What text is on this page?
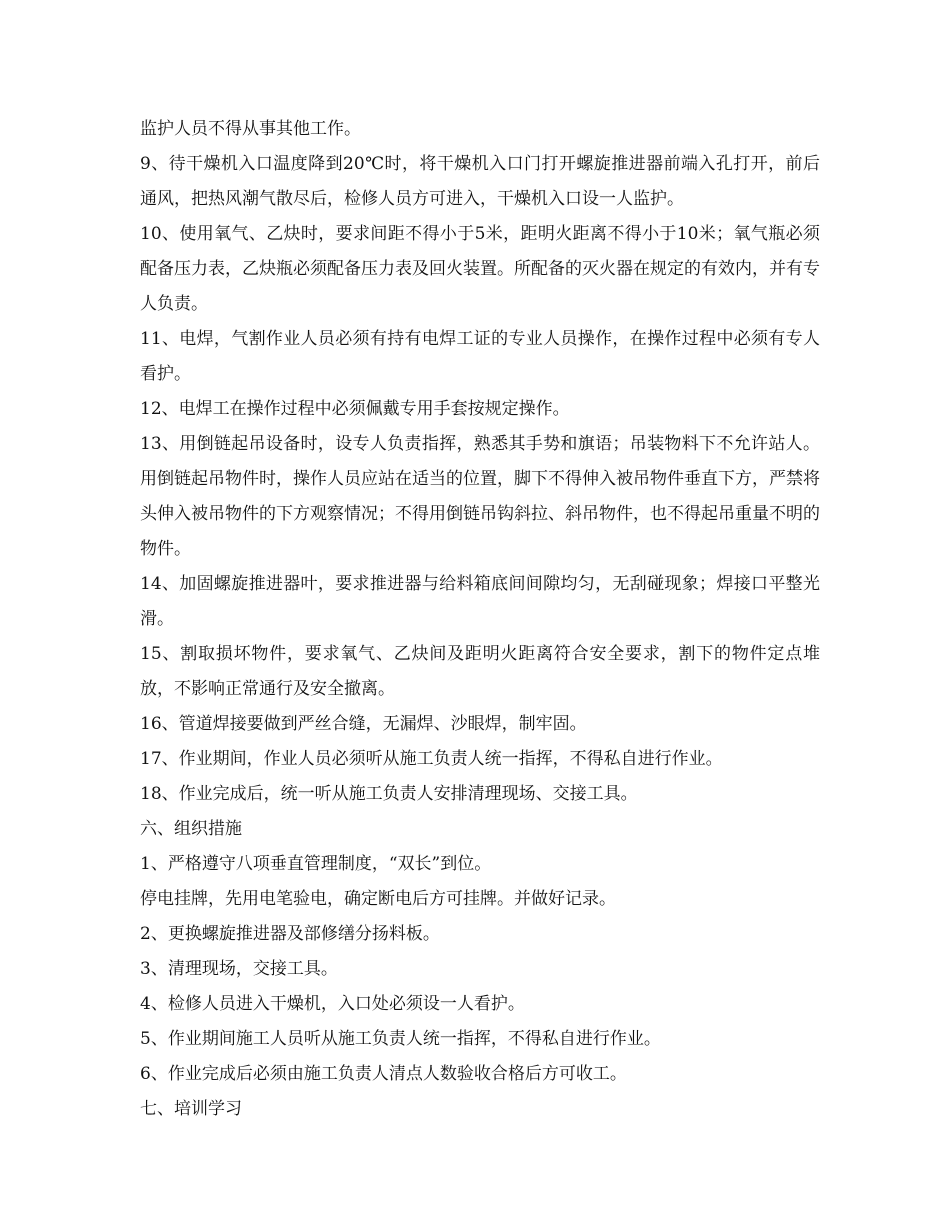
监护人员不得从事其他工作。

9、待干燥机入口温度降到20℃时，将干燥机入口门打开螺旋推进器前端入孔打开，前后通风，把热风潮气散尽后，检修人员方可进入，干燥机入口设一人监护。

10、使用氧气、乙炔时，要求间距不得小于5米，距明火距离不得小于10米；氧气瓶必须配备压力表，乙炔瓶必须配备压力表及回火装置。所配备的灭火器在规定的有效内，并有专人负责。

11、电焊，气割作业人员必须有持有电焊工证的专业人员操作，在操作过程中必须有专人看护。

12、电焊工在操作过程中必须佩戴专用手套按规定操作。

13、用倒链起吊设备时，设专人负责指挥，熟悉其手势和旗语；吊装物料下不允许站人。用倒链起吊物件时，操作人员应站在适当的位置，脚下不得伸入被吊物件垂直下方，严禁将头伸入被吊物件的下方观察情况；不得用倒链吊钩斜拉、斜吊物件，也不得起吊重量不明的物件。

14、加固螺旋推进器叶，要求推进器与给料箱底间间隙均匀，无刮碰现象；焊接口平整光滑。

15、割取损坏物件，要求氧气、乙炔间及距明火距离符合安全要求，割下的物件定点堆放，不影响正常通行及安全撤离。

16、管道焊接要做到严丝合缝，无漏焊、沙眼焊，制牢固。

17、作业期间，作业人员必须听从施工负责人统一指挥，不得私自进行作业。

18、作业完成后，统一听从施工负责人安排清理现场、交接工具。

六、组织措施

1、严格遵守八项垂直管理制度，“双长”到位。

停电挂牌，先用电笔验电，确定断电后方可挂牌。并做好记录。

2、更换螺旋推进器及部修缮分扬料板。

3、清理现场，交接工具。

4、检修人员进入干燥机，入口处必须设一人看护。

5、作业期间施工人员听从施工负责人统一指挥，不得私自进行作业。

6、作业完成后必须由施工负责人清点人数验收合格后方可收工。

七、培训学习
